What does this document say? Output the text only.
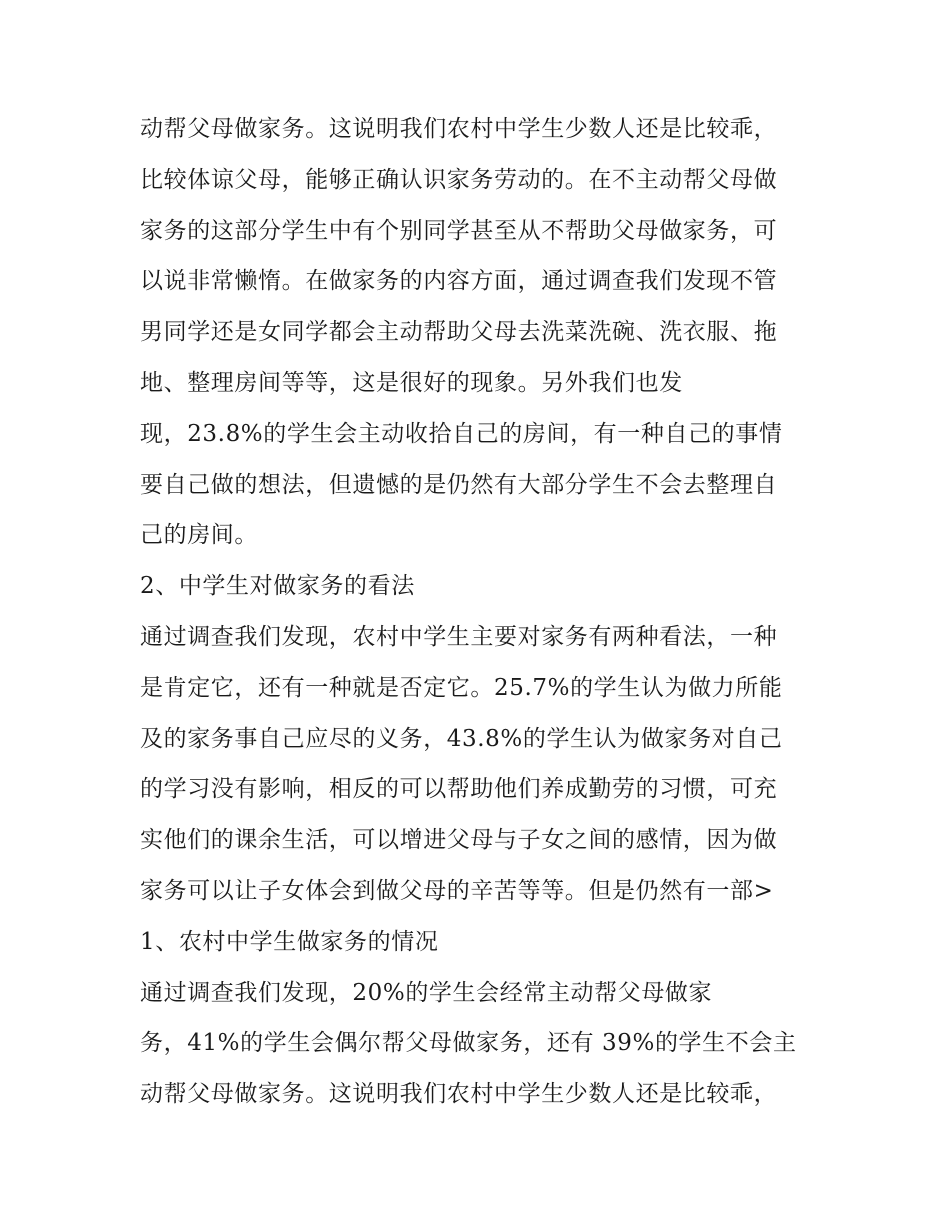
动帮父母做家务。这说明我们农村中学生少数人还是比较乖，
比较体谅父母，能够正确认识家务劳动的。在不主动帮父母做
家务的这部分学生中有个别同学甚至从不帮助父母做家务，可
以说非常懒惰。在做家务的内容方面，通过调查我们发现不管
男同学还是女同学都会主动帮助父母去洗菜洗碗、洗衣服、拖
地、整理房间等等，这是很好的现象。另外我们也发
现，23.8%的学生会主动收拾自己的房间，有一种自己的事情
要自己做的想法，但遗憾的是仍然有大部分学生不会去整理自
己的房间。
2、中学生对做家务的看法
通过调查我们发现，农村中学生主要对家务有两种看法，一种
是肯定它，还有一种就是否定它。25.7%的学生认为做力所能
及的家务事自己应尽的义务，43.8%的学生认为做家务对自己
的学习没有影响，相反的可以帮助他们养成勤劳的习惯，可充
实他们的课余生活，可以增进父母与子女之间的感情，因为做
家务可以让子女体会到做父母的辛苦等等。但是仍然有一部>
1、农村中学生做家务的情况
通过调查我们发现，20%的学生会经常主动帮父母做家
务，41%的学生会偶尔帮父母做家务，还有 39%的学生不会主
动帮父母做家务。这说明我们农村中学生少数人还是比较乖，
